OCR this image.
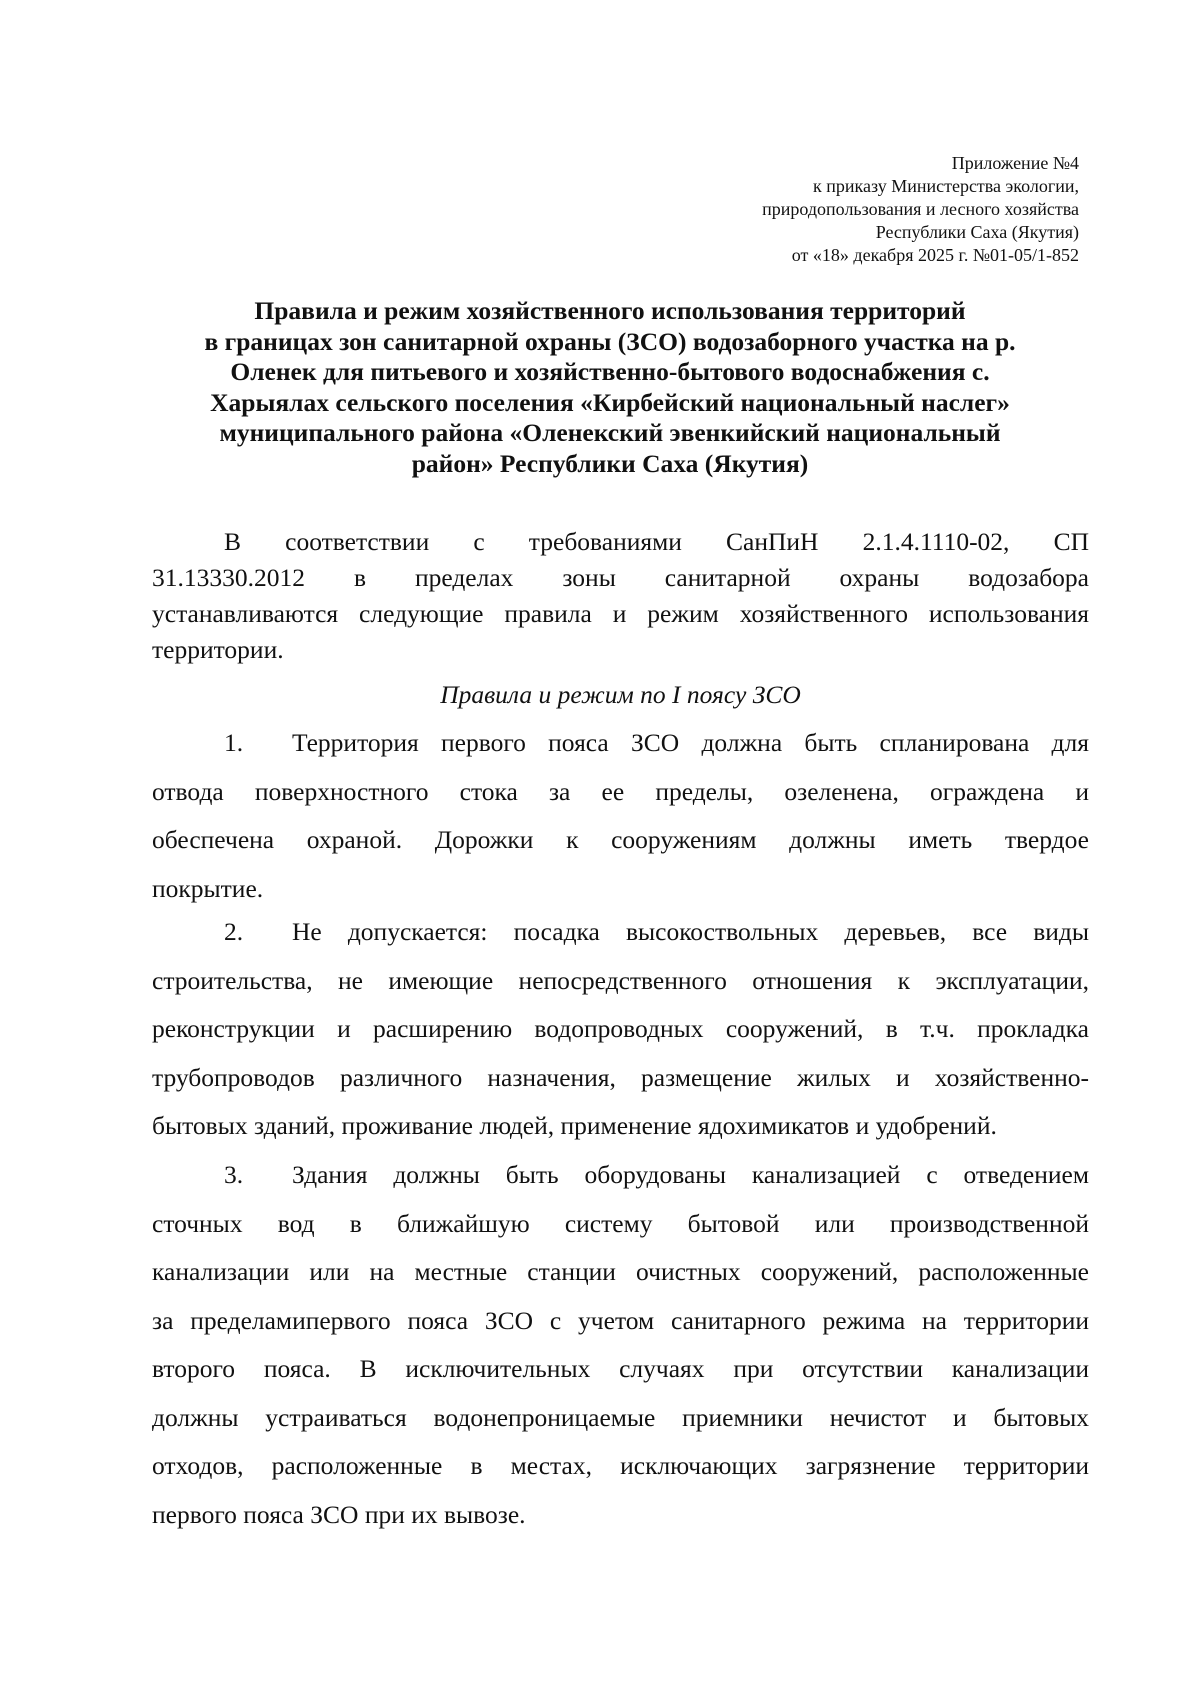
Приложение №4
к приказу Министерства экологии,
природопользования и лесного хозяйства
Республики Саха (Якутия)
от «18» декабря 2025 г. №01-05/1-852
Правила и режим хозяйственного использования территорий
в границах зон санитарной охраны (ЗСО) водозаборного участка на р.
Оленек для питьевого и хозяйственно-бытового водоснабжения с.
Харыялах сельского поселения «Кирбейский национальный наслег»
муниципального района «Оленекский эвенкийский национальный
район» Республики Саха (Якутия)
В соответствии с требованиями СанПиН 2.1.4.1110-02, СП
31.13330.2012 в пределах зоны санитарной охраны водозабора
устанавливаются следующие правила и режим хозяйственного использования
территории.
Правила и режим по I поясу ЗСО
1. Территория первого пояса ЗСО должна быть спланирована для
отвода поверхностного стока за ее пределы, озеленена, ограждена и
обеспечена охраной. Дорожки к сооружениям должны иметь твердое
покрытие.
2. Не допускается: посадка высокоствольных деревьев, все виды
строительства, не имеющие непосредственного отношения к эксплуатации,
реконструкции и расширению водопроводных сооружений, в т.ч. прокладка
трубопроводов различного назначения, размещение жилых и хозяйственно-
бытовых зданий, проживание людей, применение ядохимикатов и удобрений.
3. Здания должны быть оборудованы канализацией с отведением
сточных вод в ближайшую систему бытовой или производственной
канализации или на местные станции очистных сооружений, расположенные
за пределамипервого пояса ЗСО с учетом санитарного режима на территории
второго пояса. В исключительных случаях при отсутствии канализации
должны устраиваться водонепроницаемые приемники нечистот и бытовых
отходов, расположенные в местах, исключающих загрязнение территории
первого пояса ЗСО при их вывозе.
